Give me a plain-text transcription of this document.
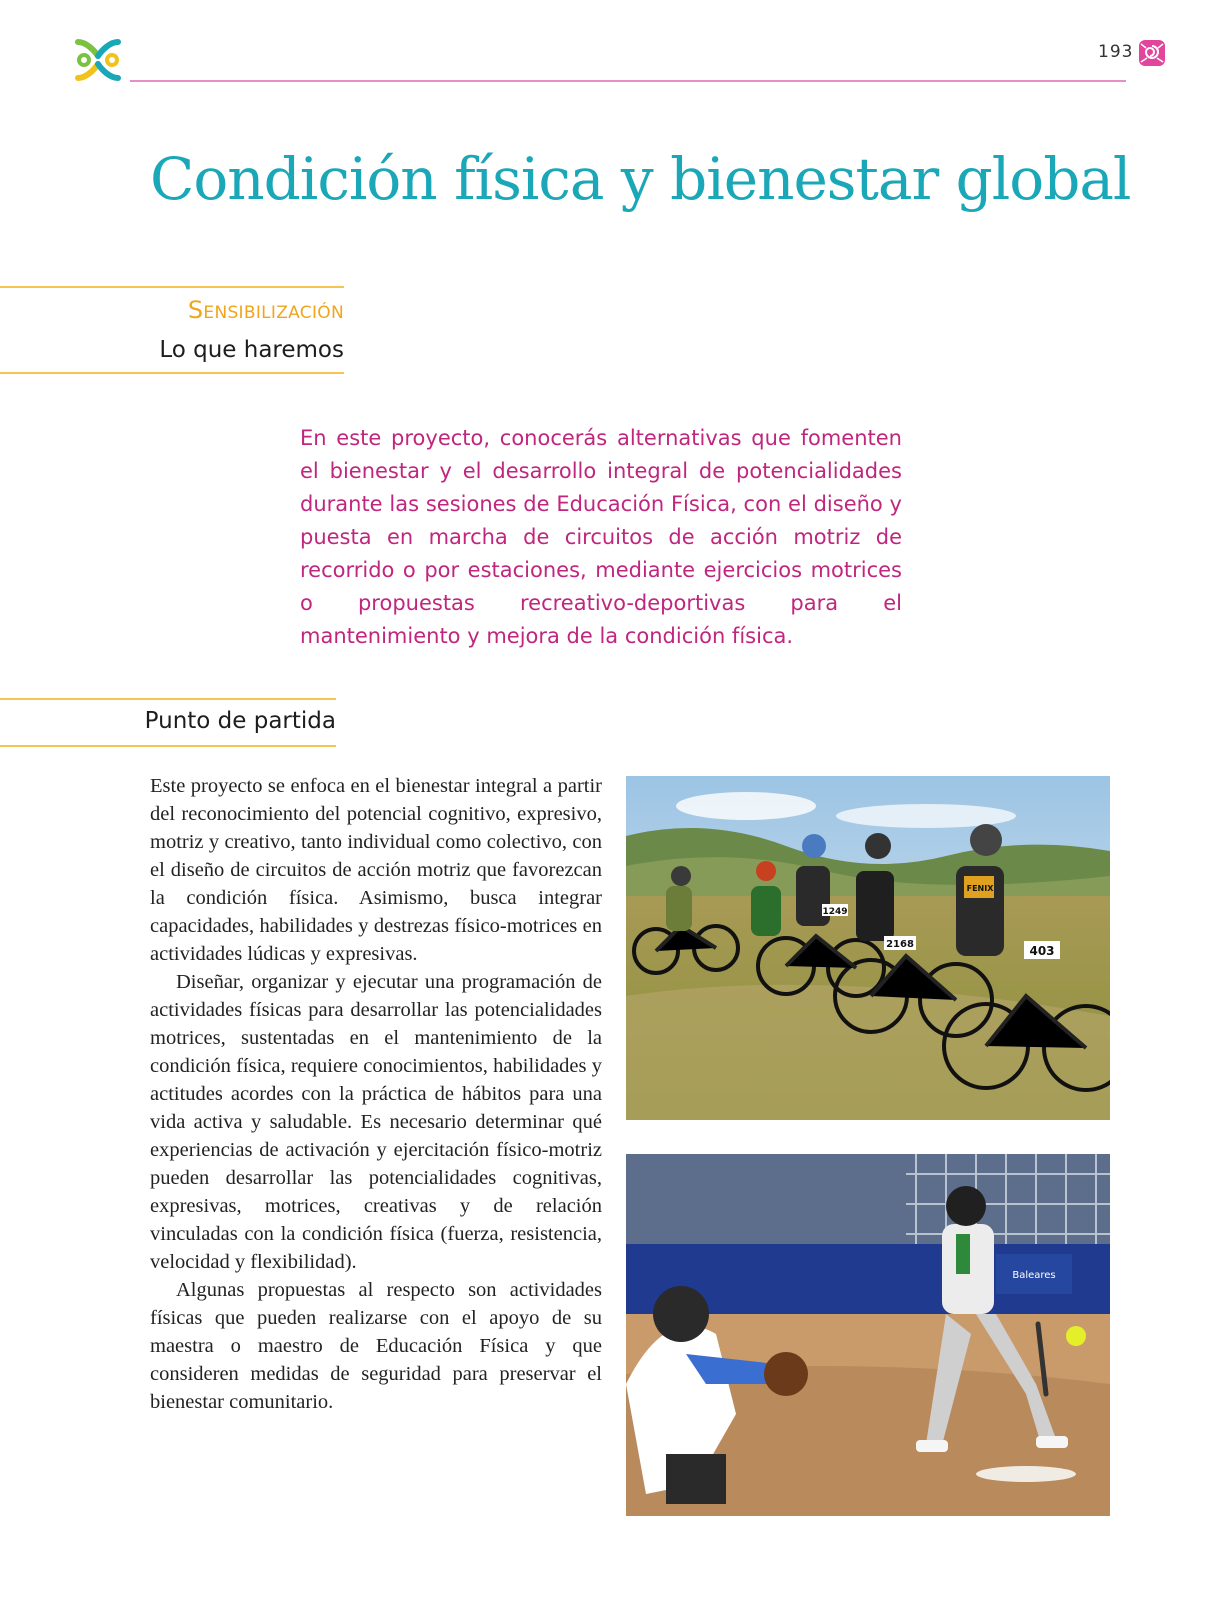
193
Condición física y bienestar global
Sensibilización
Lo que haremos

En este proyecto, conocerás alternativas que fomenten el bienestar y el desarrollo integral de potencialidades durante las sesiones de Educación Física, con el diseño y puesta en marcha de circuitos de acción motriz de recorrido o por estaciones, mediante ejercicios motrices o propuestas recreativo-deportivas para el mantenimiento y mejora de la condición física.

Punto de partida

Este proyecto se enfoca en el bienestar integral a partir del reconocimiento del potencial cognitivo, expresivo, motriz y creativo, tanto individual como colectivo, con el diseño de circuitos de acción motriz que favorezcan la condición física. Asimismo, busca integrar capacidades, habilidades y destrezas físico-motrices en actividades lúdicas y expresivas.

Diseñar, organizar y ejecutar una programación de actividades físicas para desarrollar las potencialidades motrices, sustentadas en el mantenimiento de la condición física, requiere conocimientos, habilidades y actitudes acordes con la práctica de hábitos para una vida activa y saludable. Es necesario determinar qué experiencias de activación y ejercitación físico-motriz pueden desarrollar las potencialidades cognitivas, expresivas, motrices, creativas y de relación vinculadas con la condición física (fuerza, resistencia, velocidad y flexibilidad).

Algunas propuestas al respecto son actividades físicas que pueden realizarse con el apoyo de su maestra o maestro de Educación Física y que consideren medidas de seguridad para preservar el bienestar comunitario.

403
2168
1249
FENIX
Baleares
